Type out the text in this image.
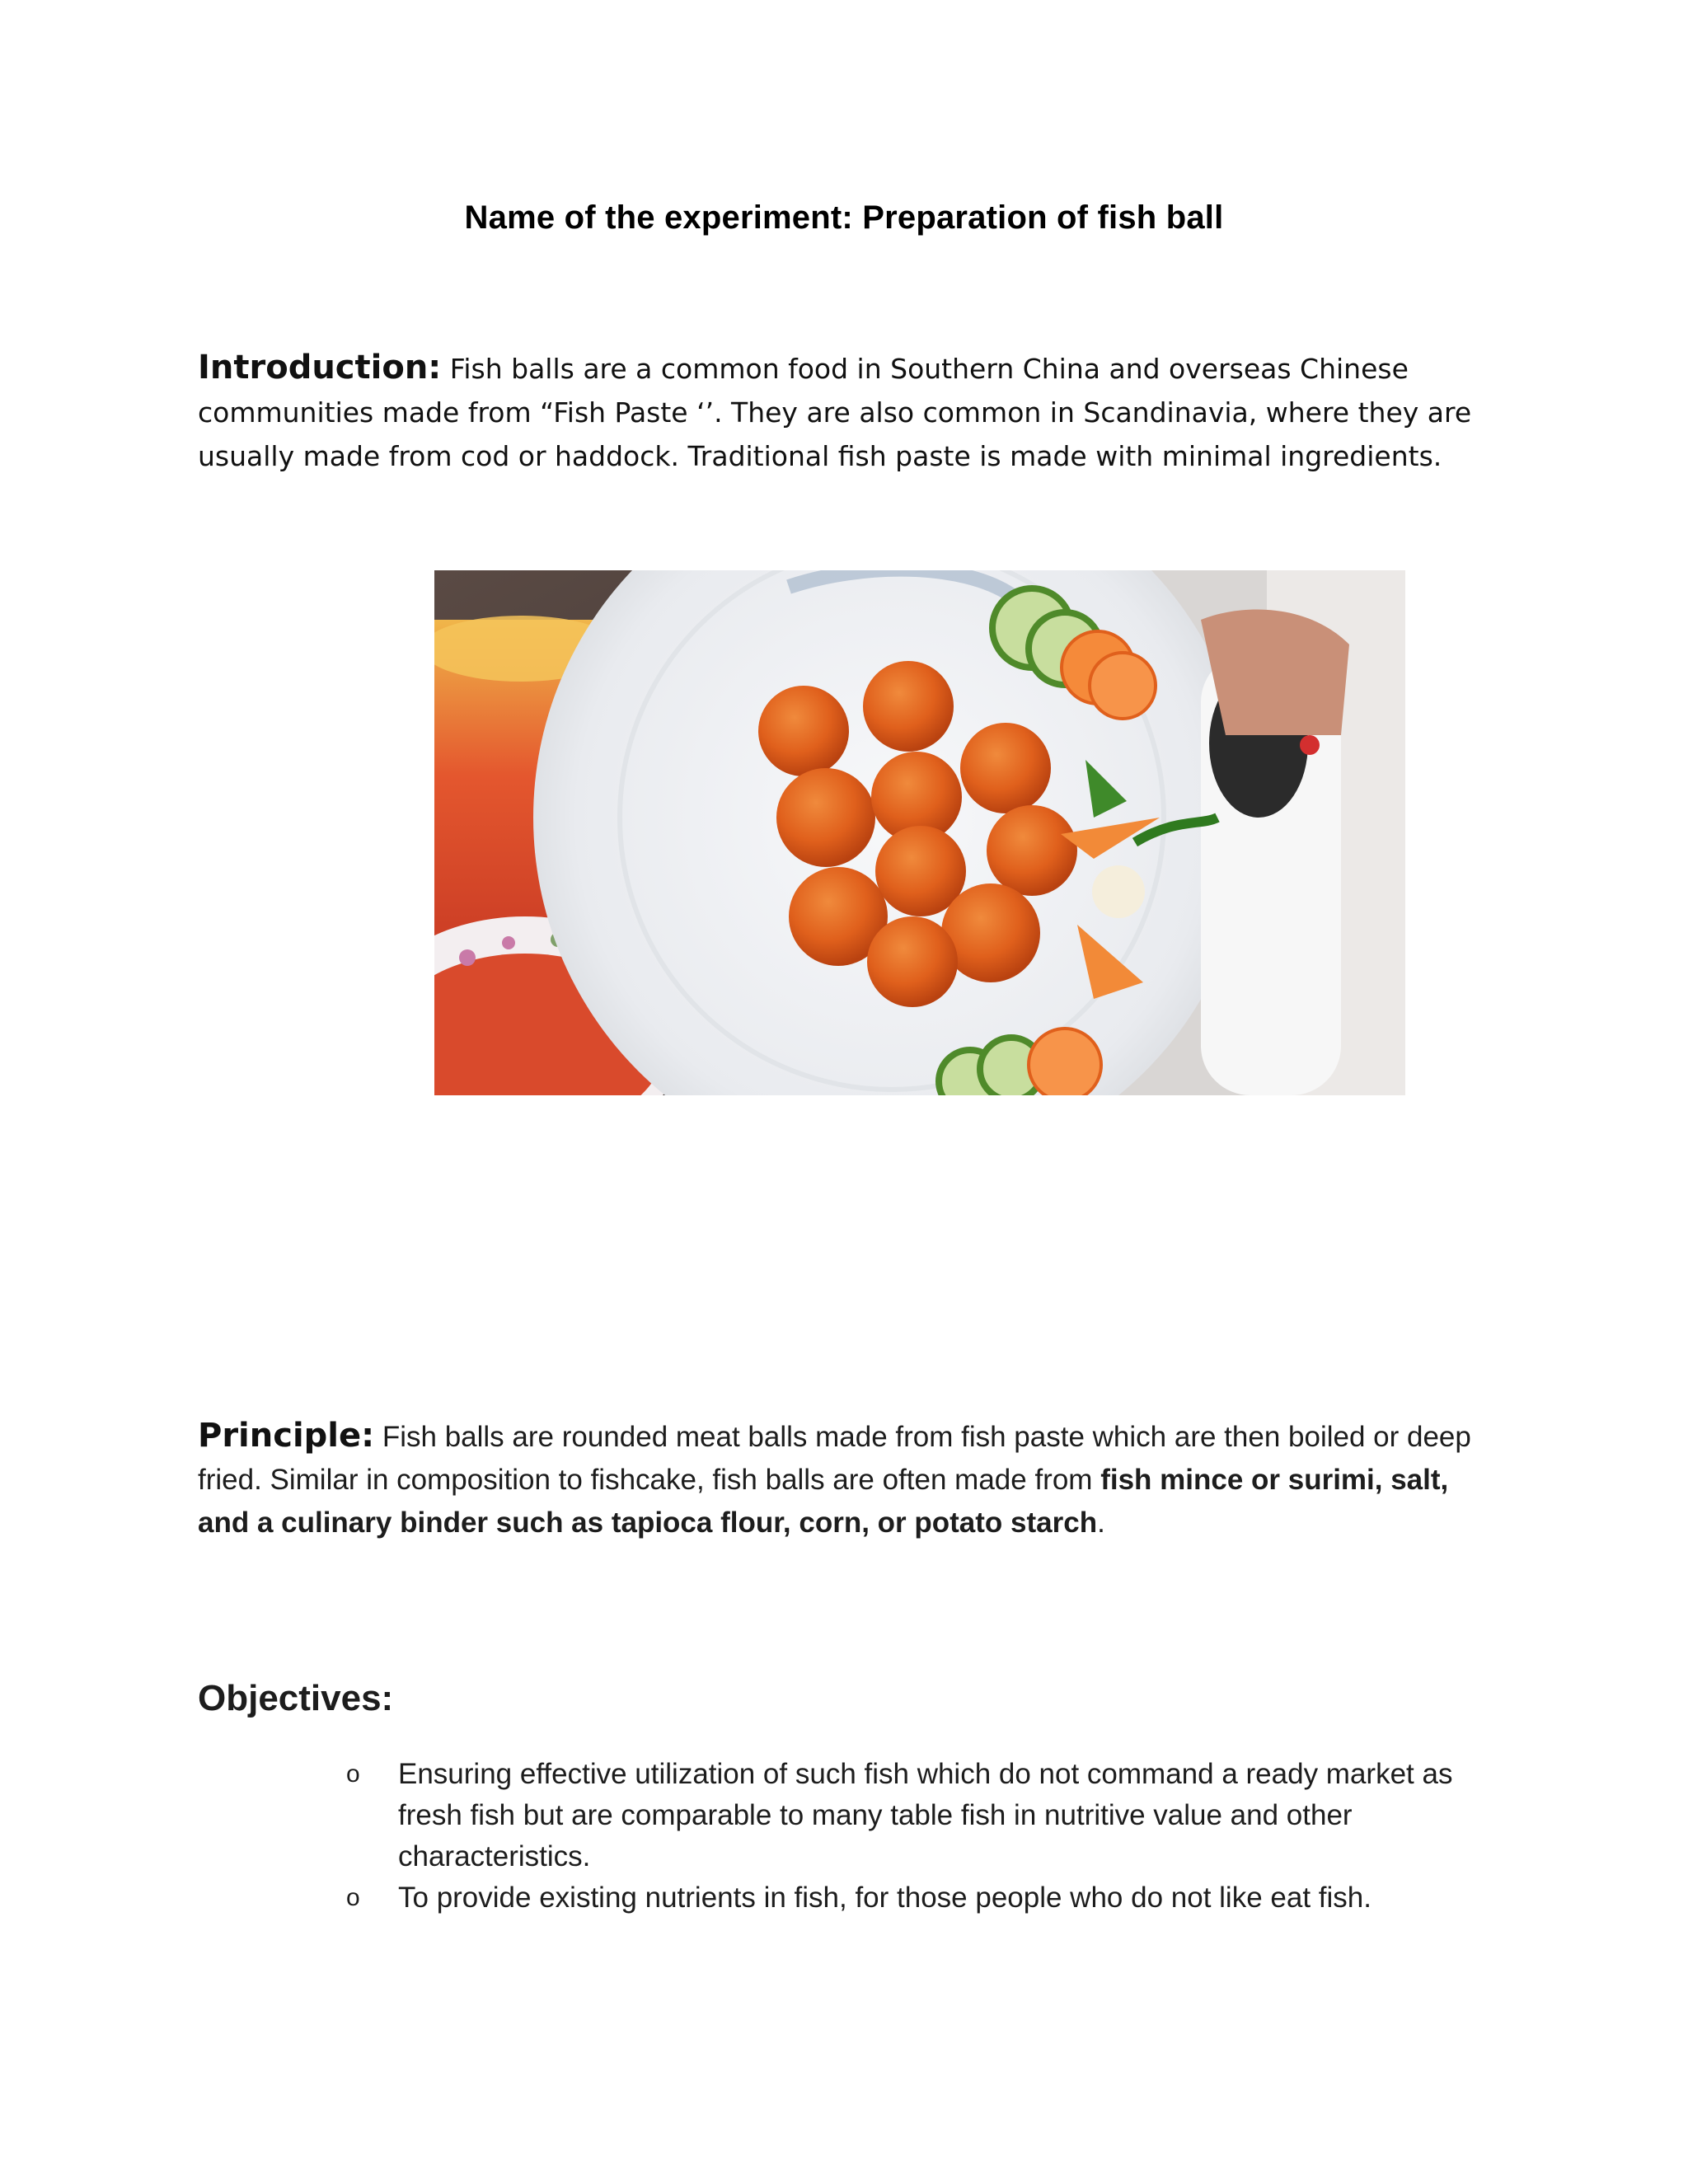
Name of the experiment: Preparation of fish ball

Introduction: Fish balls are a common food in Southern China and overseas Chinese communities made from “Fish Paste ‘’. They are also common in Scandinavia, where they are usually made from cod or haddock. Traditional fish paste is made with minimal ingredients.

Principle: Fish balls are rounded meat balls made from fish paste which are then boiled or deep fried. Similar in composition to fishcake, fish balls are often made from fish mince or surimi, salt, and a culinary binder such as tapioca flour, corn, or potato starch.

Objectives:
o Ensuring effective utilization of such fish which do not command a ready market as fresh fish but are comparable to many table fish in nutritive value and other characteristics.
o To provide existing nutrients in fish, for those people who do not like eat fish.
